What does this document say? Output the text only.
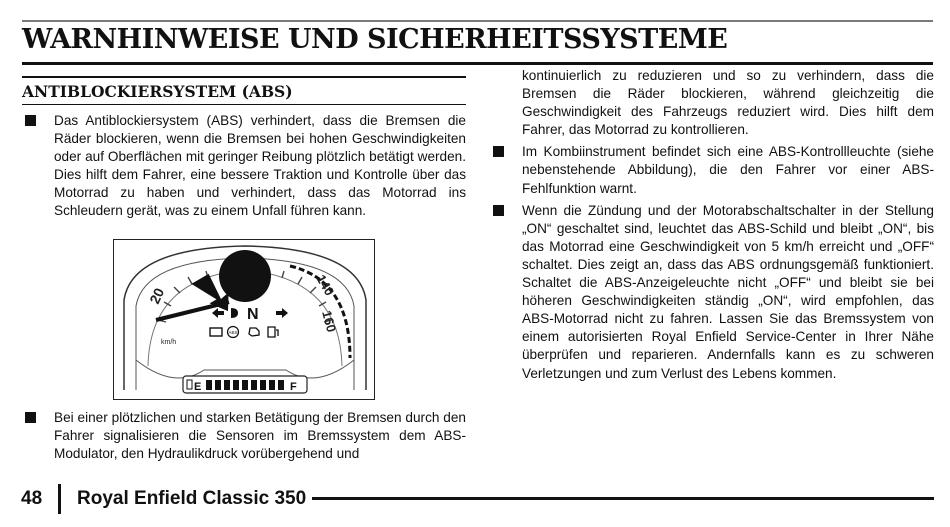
WARNHINWEISE UND SICHERHEITSSYSTEME
ANTIBLOCKIERSYSTEM (ABS)
Das Antiblockiersystem (ABS) verhindert, dass die Bremsen die Räder blockieren, wenn die Bremsen bei hohen Geschwindigkeiten oder auf Oberflächen mit geringer Reibung plötzlich betätigt werden. Dies hilft dem Fahrer, eine bessere Traktion und Kontrolle über das Motorrad zu haben und verhindert, dass das Motorrad ins Schleudern gerät, was zu einem Unfall führen kann.
20	140
160
km/h
N
ABS
E	F
Bei einer plötzlichen und starken Betätigung der Bremsen durch den Fahrer signalisieren die Sensoren im Bremssystem dem ABS-Modulator, den Hydraulikdruck vorübergehend und
kontinuierlich zu reduzieren und so zu verhindern, dass die Bremsen die Räder blockieren, während gleichzeitig die Geschwindigkeit des Fahrzeugs reduziert wird. Dies hilft dem Fahrer, das Motorrad zu kontrollieren.
Im Kombiinstrument befindet sich eine ABS-Kontrollleuchte (siehe nebenstehende Abbildung), die den Fahrer vor einer ABS-Fehlfunktion warnt.
Wenn die Zündung und der Motorabschaltschalter in der Stellung „ON“ geschaltet sind, leuchtet das ABS-Schild und bleibt „ON“, bis das Motorrad eine Geschwindigkeit von 5 km/h erreicht und „OFF“ schaltet. Dies zeigt an, dass das ABS ordnungsgemäß funktioniert. Schaltet die ABS-Anzeigeleuchte nicht „OFF“ und bleibt sie bei höheren Geschwindigkeiten ständig „ON“, wird empfohlen, das ABS-Motorrad nicht zu fahren. Lassen Sie das Bremssystem von einem autorisierten Royal Enfield Service-Center in Ihrer Nähe überprüfen und reparieren. Andernfalls kann es zu schweren Verletzungen und zum Verlust des Lebens kommen.
48 Royal Enfield Classic 350
